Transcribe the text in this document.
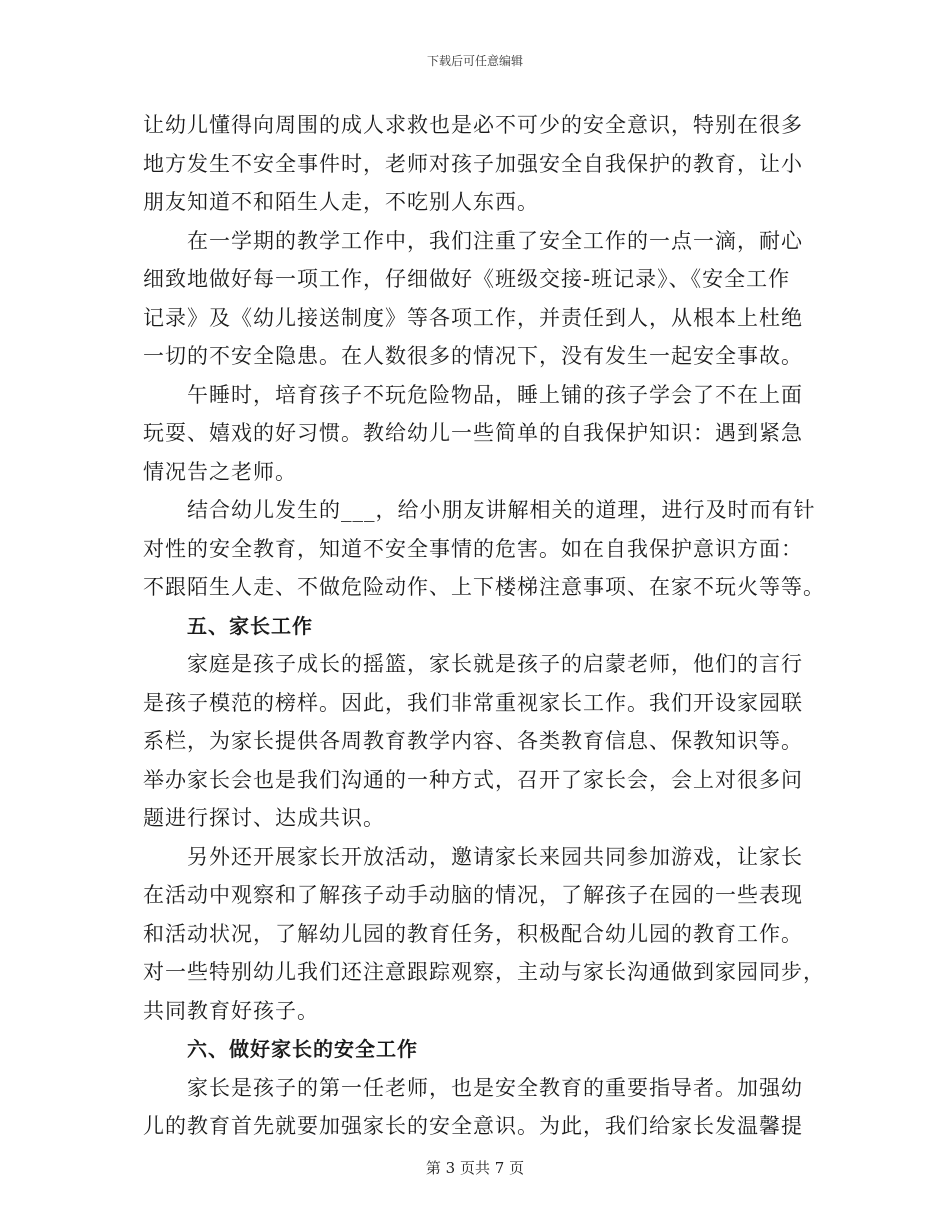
下载后可任意编辑
让幼儿懂得向周围的成人求救也是必不可少的安全意识，特别在很多
地方发生不安全事件时，老师对孩子加强安全自我保护的教育，让小
朋友知道不和陌生人走，不吃别人东西。
在一学期的教学工作中，我们注重了安全工作的一点一滴，耐心
细致地做好每一项工作，仔细做好《班级交接-班记录》、《安全工作
记录》及《幼儿接送制度》等各项工作，并责任到人，从根本上杜绝
一切的不安全隐患。在人数很多的情况下，没有发生一起安全事故。
午睡时，培育孩子不玩危险物品，睡上铺的孩子学会了不在上面
玩耍、嬉戏的好习惯。教给幼儿一些简单的自我保护知识：遇到紧急
情况告之老师。
结合幼儿发生的___，给小朋友讲解相关的道理，进行及时而有针
对性的安全教育，知道不安全事情的危害。如在自我保护意识方面：
不跟陌生人走、不做危险动作、上下楼梯注意事项、在家不玩火等等。
五、家长工作
家庭是孩子成长的摇篮，家长就是孩子的启蒙老师，他们的言行
是孩子模范的榜样。因此，我们非常重视家长工作。我们开设家园联
系栏，为家长提供各周教育教学内容、各类教育信息、保教知识等。
举办家长会也是我们沟通的一种方式，召开了家长会，会上对很多问
题进行探讨、达成共识。
另外还开展家长开放活动，邀请家长来园共同参加游戏，让家长
在活动中观察和了解孩子动手动脑的情况，了解孩子在园的一些表现
和活动状况，了解幼儿园的教育任务，积极配合幼儿园的教育工作。
对一些特别幼儿我们还注意跟踪观察，主动与家长沟通做到家园同步，
共同教育好孩子。
六、做好家长的安全工作
家长是孩子的第一任老师，也是安全教育的重要指导者。加强幼
儿的教育首先就要加强家长的安全意识。为此，我们给家长发温馨提
第 3 页共 7 页
